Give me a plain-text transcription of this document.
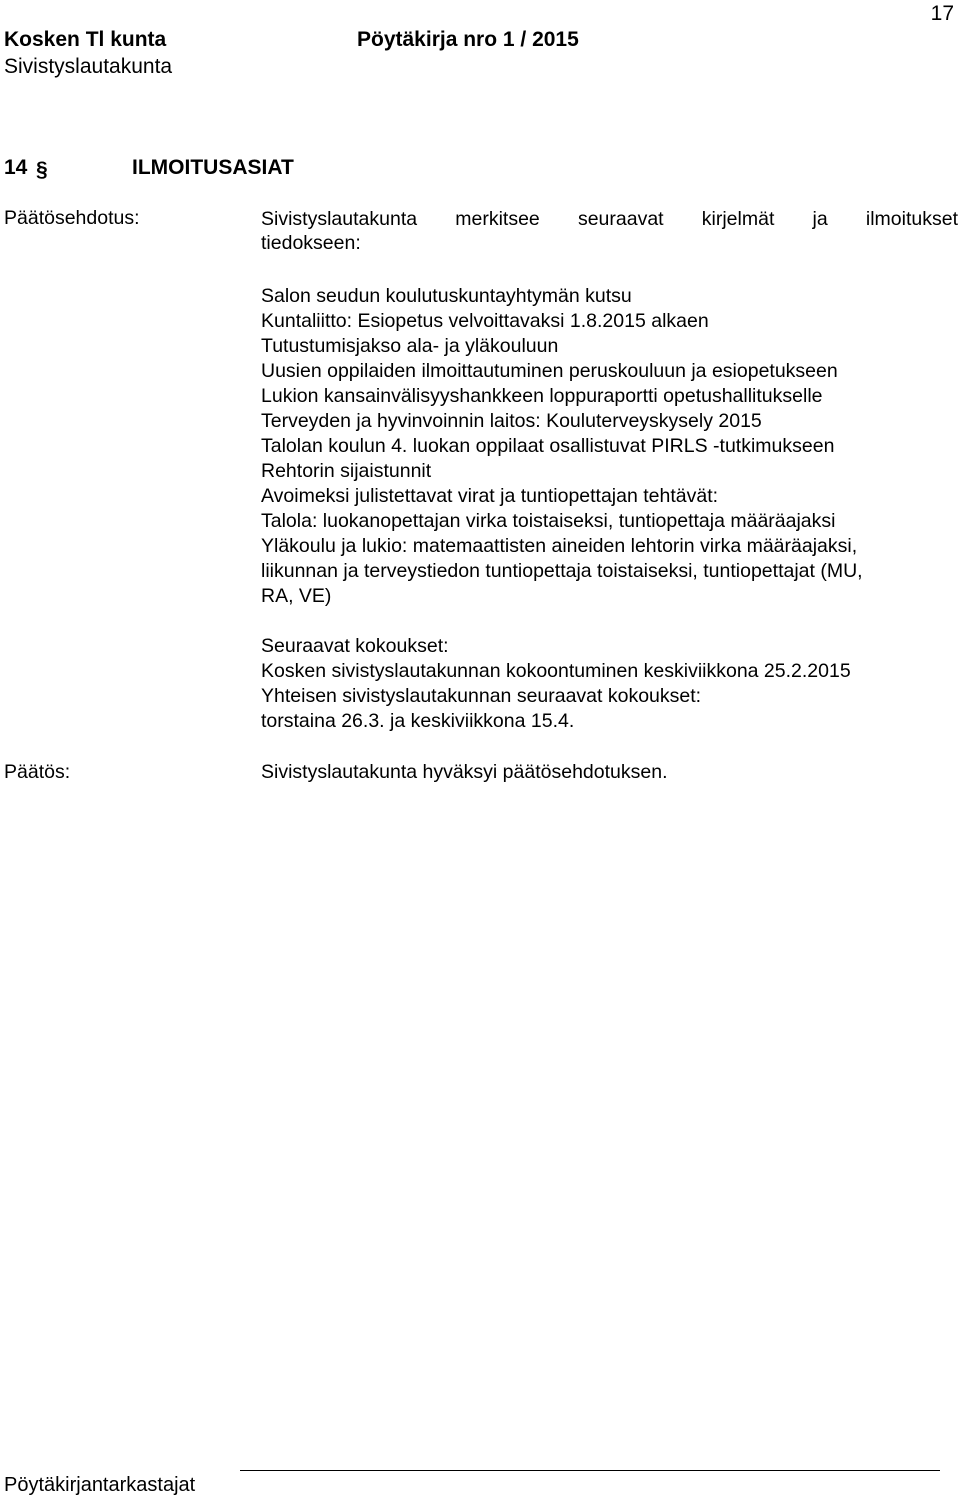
17
Kosken Tl kunta	Pöytäkirja nro 1 / 2015
Sivistyslautakunta
14 §	ILMOITUSASIAT
Päätösehdotus:	Sivistyslautakunta merkitsee seuraavat kirjelmät ja ilmoitukset
tiedokseen:
Salon seudun koulutuskuntayhtymän kutsu
Kuntaliitto: Esiopetus velvoittavaksi 1.8.2015 alkaen
Tutustumisjakso ala- ja yläkouluun
Uusien oppilaiden ilmoittautuminen peruskouluun ja esiopetukseen
Lukion kansainvälisyyshankkeen loppuraportti opetushallitukselle
Terveyden ja hyvinvoinnin laitos: Kouluterveyskysely 2015
Talolan koulun 4. luokan oppilaat osallistuvat PIRLS -tutkimukseen
Rehtorin sijaistunnit
Avoimeksi julistettavat virat ja tuntiopettajan tehtävät:
Talola: luokanopettajan virka toistaiseksi, tuntiopettaja määräajaksi
Yläkoulu ja lukio: matemaattisten aineiden lehtorin virka määräajaksi,
liikunnan ja terveystiedon tuntiopettaja toistaiseksi, tuntiopettajat (MU,
RA, VE)
Seuraavat kokoukset:
Kosken sivistyslautakunnan kokoontuminen keskiviikkona 25.2.2015
Yhteisen sivistyslautakunnan seuraavat kokoukset:
torstaina 26.3. ja keskiviikkona 15.4.
Päätös:	Sivistyslautakunta hyväksyi päätösehdotuksen.
Pöytäkirjantarkastajat
